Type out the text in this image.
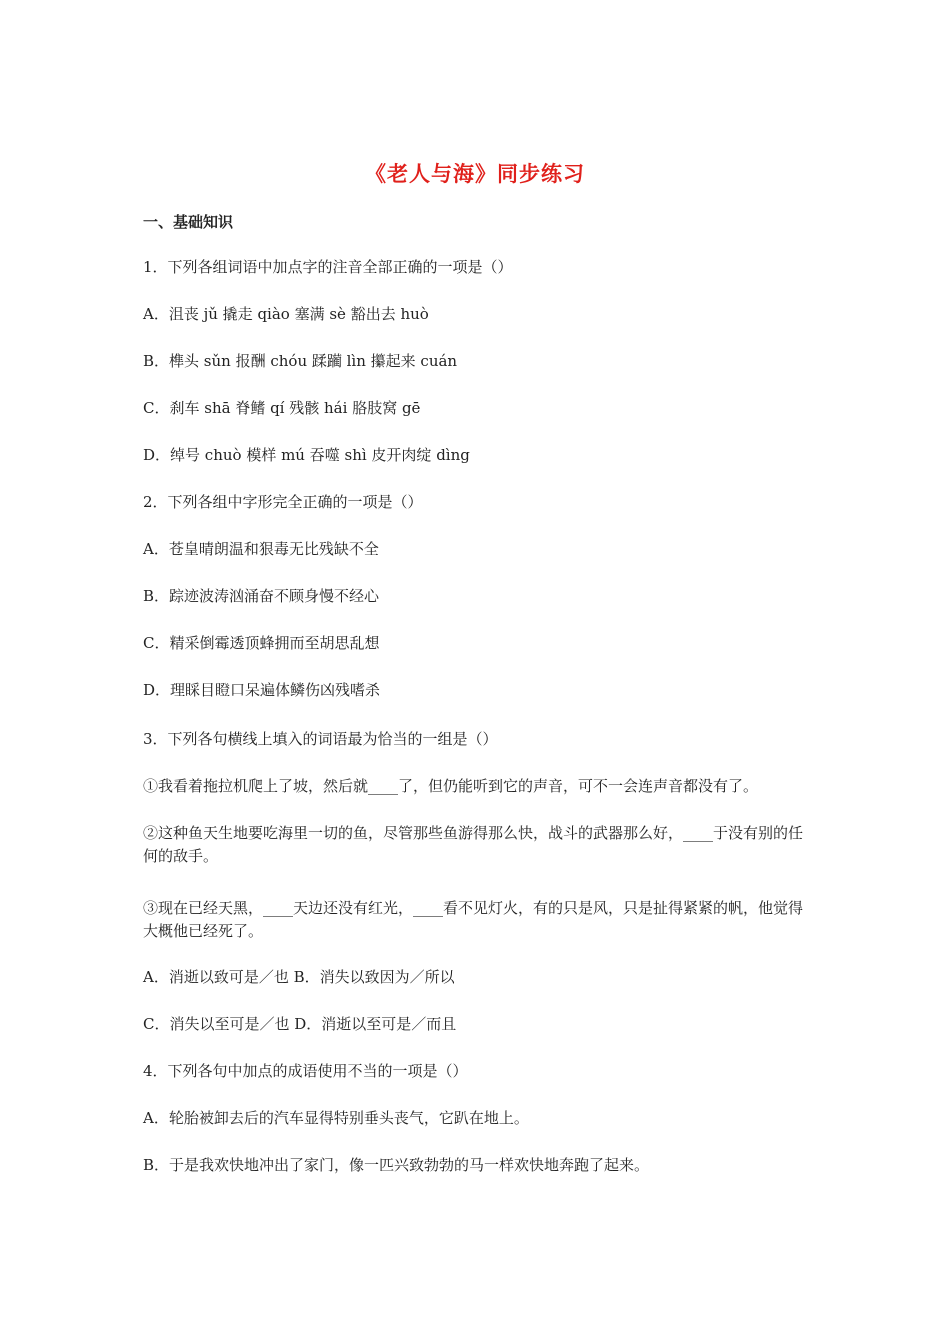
《老人与海》同步练习
一、基础知识
1．下列各组词语中加点字的注音全部正确的一项是（）
A．沮丧 jǔ 撬走 qiào 塞满 sè 豁出去 huò
B．榫头 sǔn 报酬 chóu 蹂躏 lìn 攥起来 cuán
C．刹车 shā 脊鳍 qí 残骸 hái 胳肢窝 gē
D．绰号 chuò 模样 mú 吞噬 shì 皮开肉绽 dìng
2．下列各组中字形完全正确的一项是（）
A．苍皇晴朗温和狠毒无比残缺不全
B．踪迹波涛汹涌奋不顾身慢不经心
C．精采倒霉透顶蜂拥而至胡思乱想
D．理睬目瞪口呆遍体鳞伤凶残嗜杀
3．下列各句横线上填入的词语最为恰当的一组是（）
①我看着拖拉机爬上了坡，然后就____了，但仍能听到它的声音，可不一会连声音都没有了。
②这种鱼天生地要吃海里一切的鱼，尽管那些鱼游得那么快，战斗的武器那么好，____于没有别的任何的敌手。
③现在已经天黑，____天边还没有红光，____看不见灯火，有的只是风，只是扯得紧紧的帆，他觉得大概他已经死了。
A．消逝以致可是／也 B．消失以致因为／所以
C．消失以至可是／也 D．消逝以至可是／而且
4．下列各句中加点的成语使用不当的一项是（）
A．轮胎被卸去后的汽车显得特别垂头丧气，它趴在地上。
B．于是我欢快地冲出了家门，像一匹兴致勃勃的马一样欢快地奔跑了起来。
